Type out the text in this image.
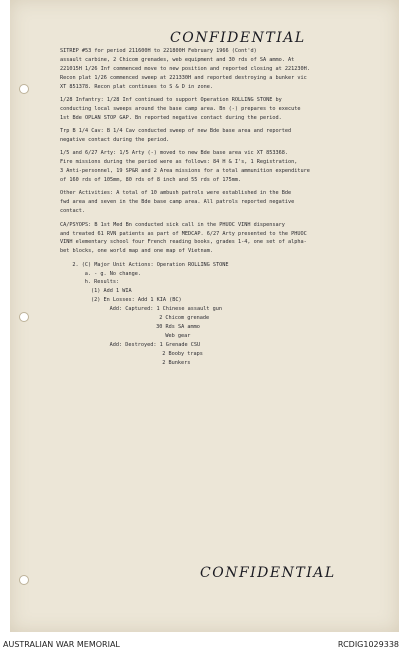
CONFIDENTIAL
SITREP #53 for period 211600H to 221800H February 1966 (Cont'd)
assault carbine, 2 Chicom grenades, web equipment and 30 rds of SA ammo. At
221015H 1/26 Inf commenced move to new position and reported closing at 221230H.
Recon plat 1/26 commenced sweep at 221330H and reported destroying a bunker vic
XT 851378. Recon plat continues to S & D in zone.
1/28 Infantry: 1/28 Inf continued to support Operation ROLLING STONE by
conducting local sweeps around the base camp area. Bn (-) prepares to execute
1st Bde OPLAN STOP GAP. Bn reported negative contact during the period.
Trp B 1/4 Cav: B 1/4 Cav conducted sweep of new Bde base area and reported
negative contact during the period.
1/5 and 6/27 Arty: 1/5 Arty (-) moved to new Bde base area vic XT 853368.
Fire missions during the period were as follows: 84 H & I's, 1 Registration,
3 Anti-personnel, 19 SP&R and 2 Area missions for a total ammunition expenditure
of 160 rds of 105mm, 80 rds of 8 inch and 55 rds of 175mm.
Other Activities: A total of 10 ambush patrols were established in the Bde
fwd area and seven in the Bde base camp area. All patrols reported negative
contact.
CA/PSYOPS: B 1st Med Bn conducted sick call in the PHUOC VINH dispensary
and treated 61 RVN patients as part of MEDCAP. 6/27 Arty presented to the PHUOC
VINH elementary school four French reading books, grades 1-4, one set of alpha-
bet blocks, one world map and one map of Vietnam.
2. (C) Major Unit Actions: Operation ROLLING STONE
a. - g. No change.
h. Results:
(1) Add 1 WIA
(2) En Losses: Add 1 KIA (BC)
Add: Captured: 1 Chinese assault gun
2 Chicom grenade
30 Rds SA ammo
Web gear
Add: Destroyed: 1 Grenade CSU
2 Booby traps
2 Bunkers
CONFIDENTIAL
AUSTRALIAN WAR MEMORIAL	RCDIG1029338
